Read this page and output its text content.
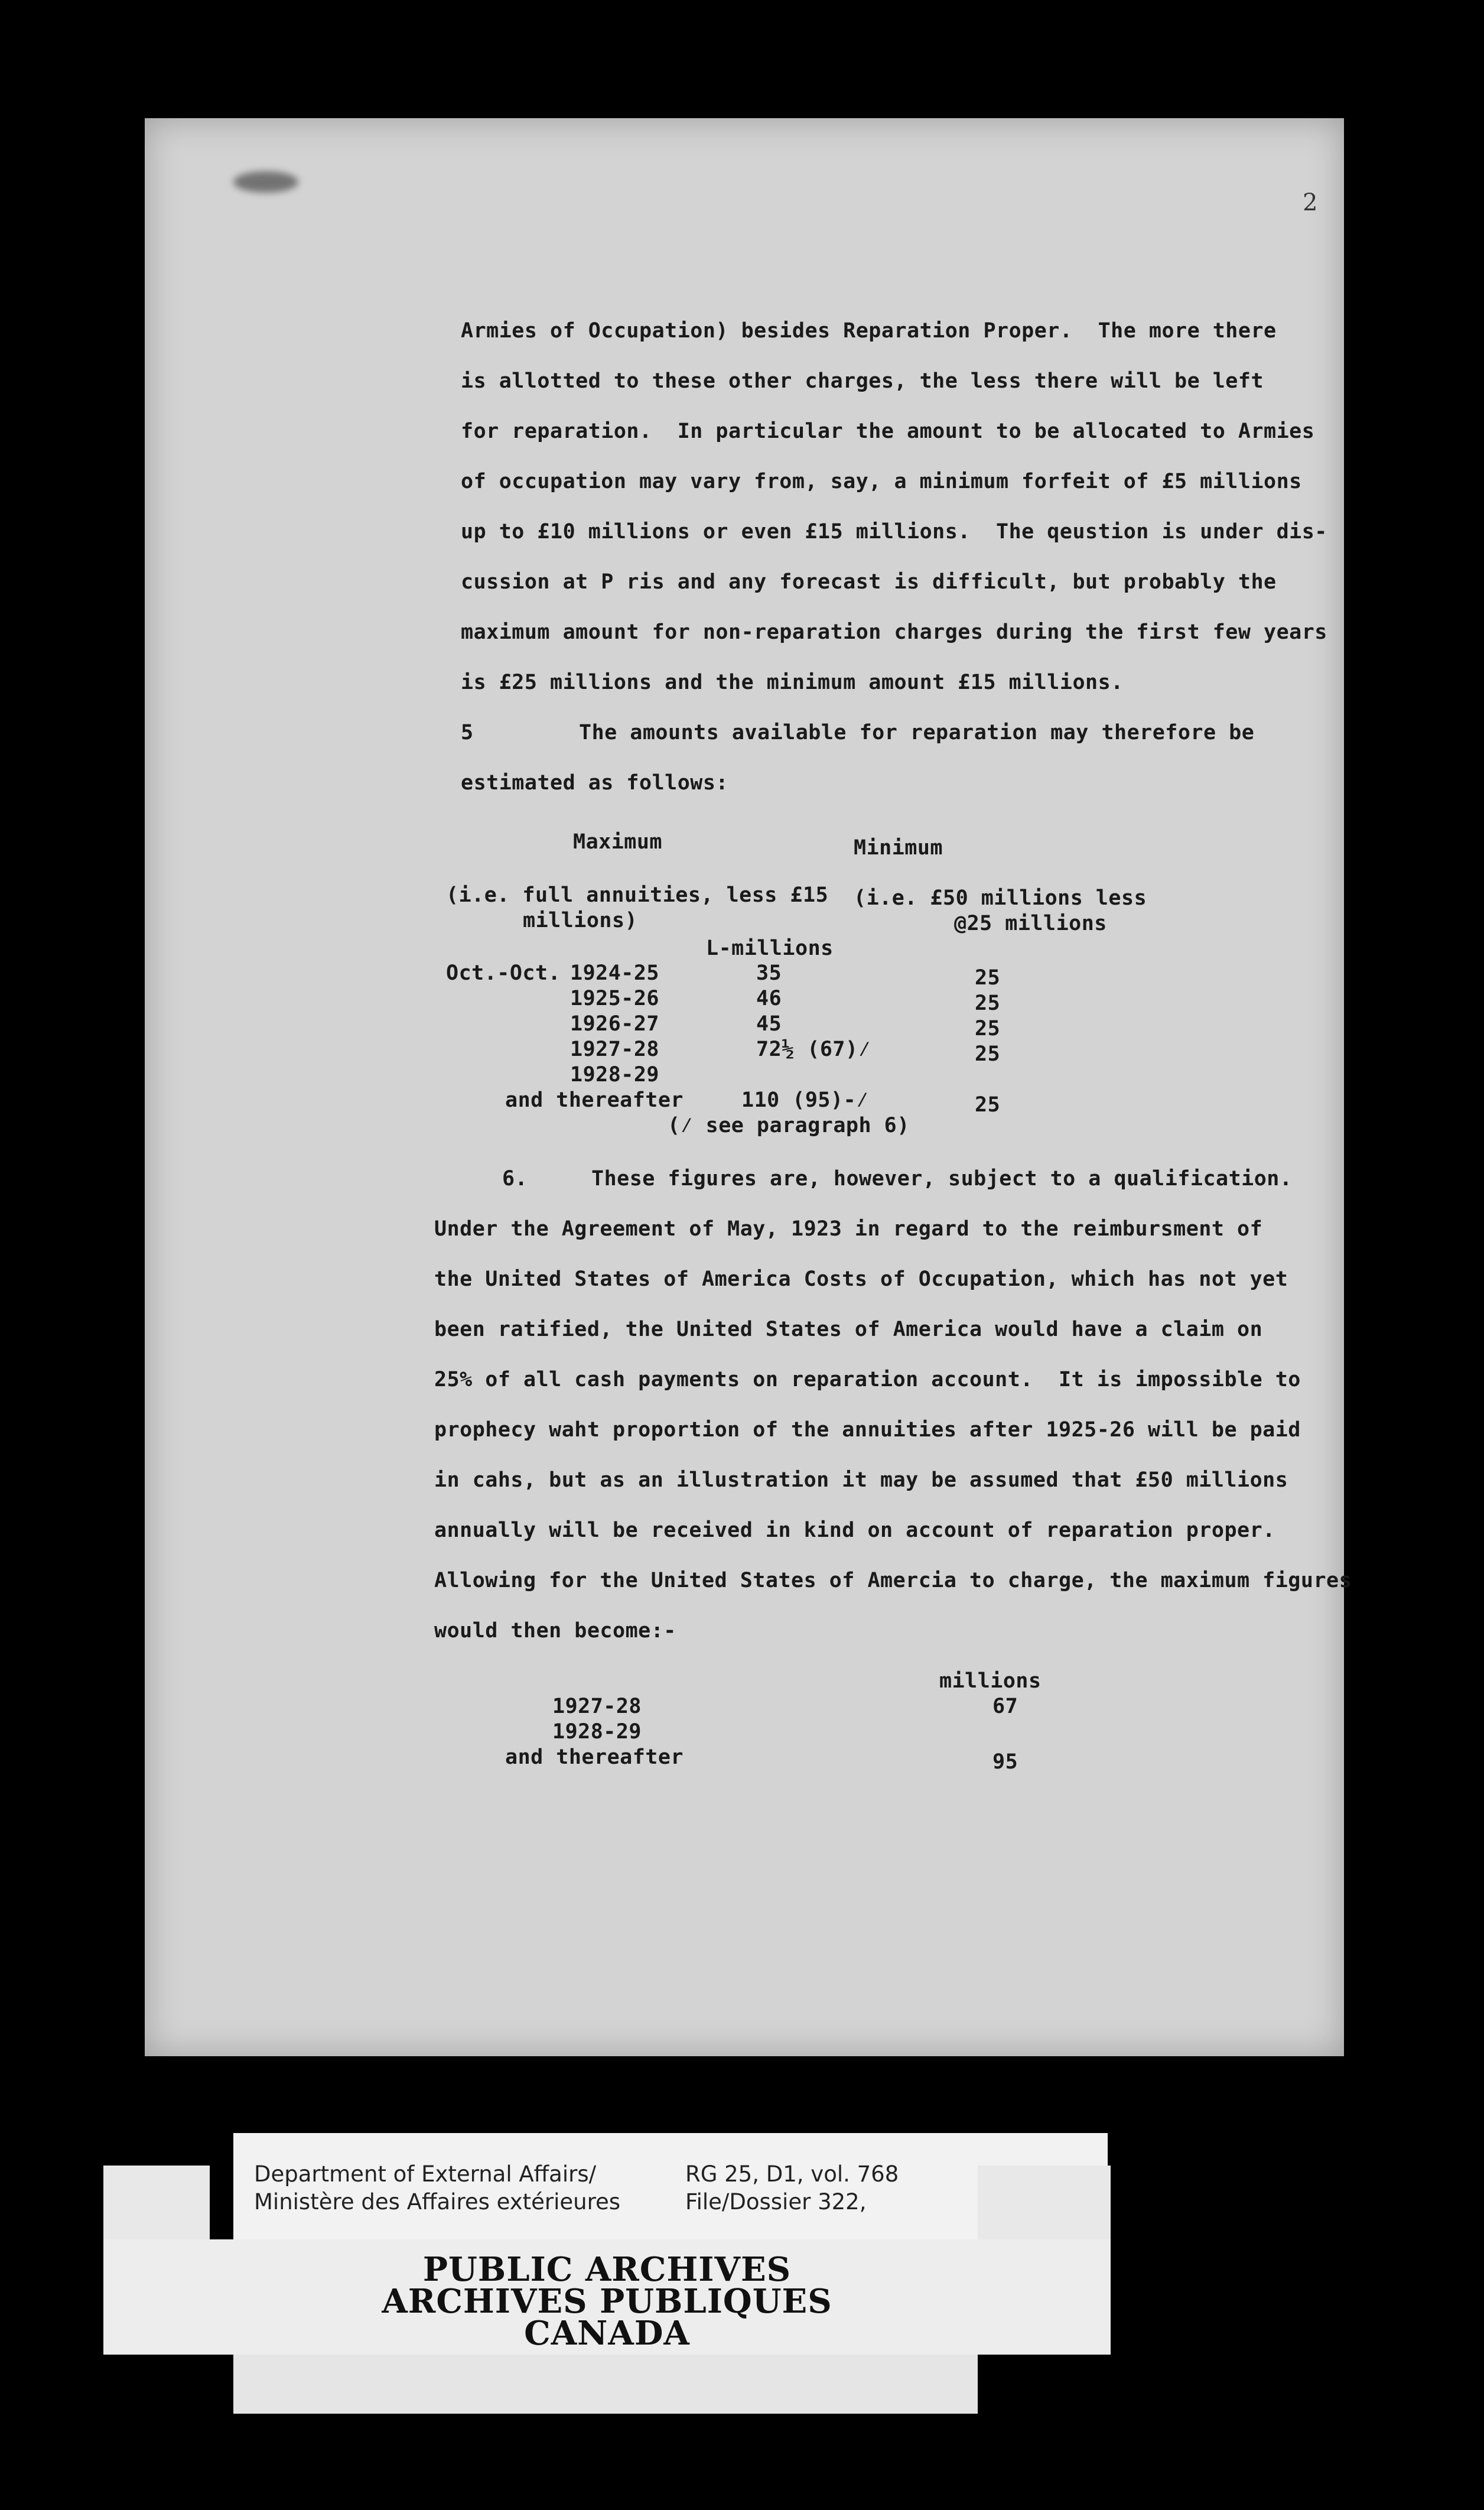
2
Armies of Occupation) besides Reparation Proper.  The more there
is allotted to these other charges, the less there will be left
for reparation.  In particular the amount to be allocated to Armies
of occupation may vary from, say, a minimum forfeit of £5 millions
up to £10 millions or even £15 millions.  The qeustion is under dis-
cussion at P ris and any forecast is difficult, but probably the
maximum amount for non-reparation charges during the first few years
is £25 millions and the minimum amount £15 millions.
5	The amounts available for reparation may therefore be
estimated as follows:
Maximum	Minimum
(i.e. full annuities, less £15
millions)
(i.e. £50 millions less
@25 millions
L-millions
Oct.-Oct. 1924-25	35	25
1925-26	46	25
1926-27	45	25
1927-28	72½ (67)⁄	25
1928-29
and thereafter	110 (95)-⁄	25
(⁄ see paragraph 6)
6.     These figures are, however, subject to a qualification.
Under the Agreement of May, 1923 in regard to the reimbursment of
the United States of America Costs of Occupation, which has not yet
been ratified, the United States of America would have a claim on
25% of all cash payments on reparation account.  It is impossible to
prophecy waht proportion of the annuities after 1925-26 will be paid
in cahs, but as an illustration it may be assumed that £50 millions
annually will be received in kind on account of reparation proper.
Allowing for the United States of Amercia to charge, the maximum figures
would then become:-
millions
1927-28	67
1928-29
and thereafter	95
Department of External Affairs/
Ministère des Affaires extérieures
RG 25, D1, vol. 768
File/Dossier 322,
PUBLIC ARCHIVES
ARCHIVES PUBLIQUES
CANADA
